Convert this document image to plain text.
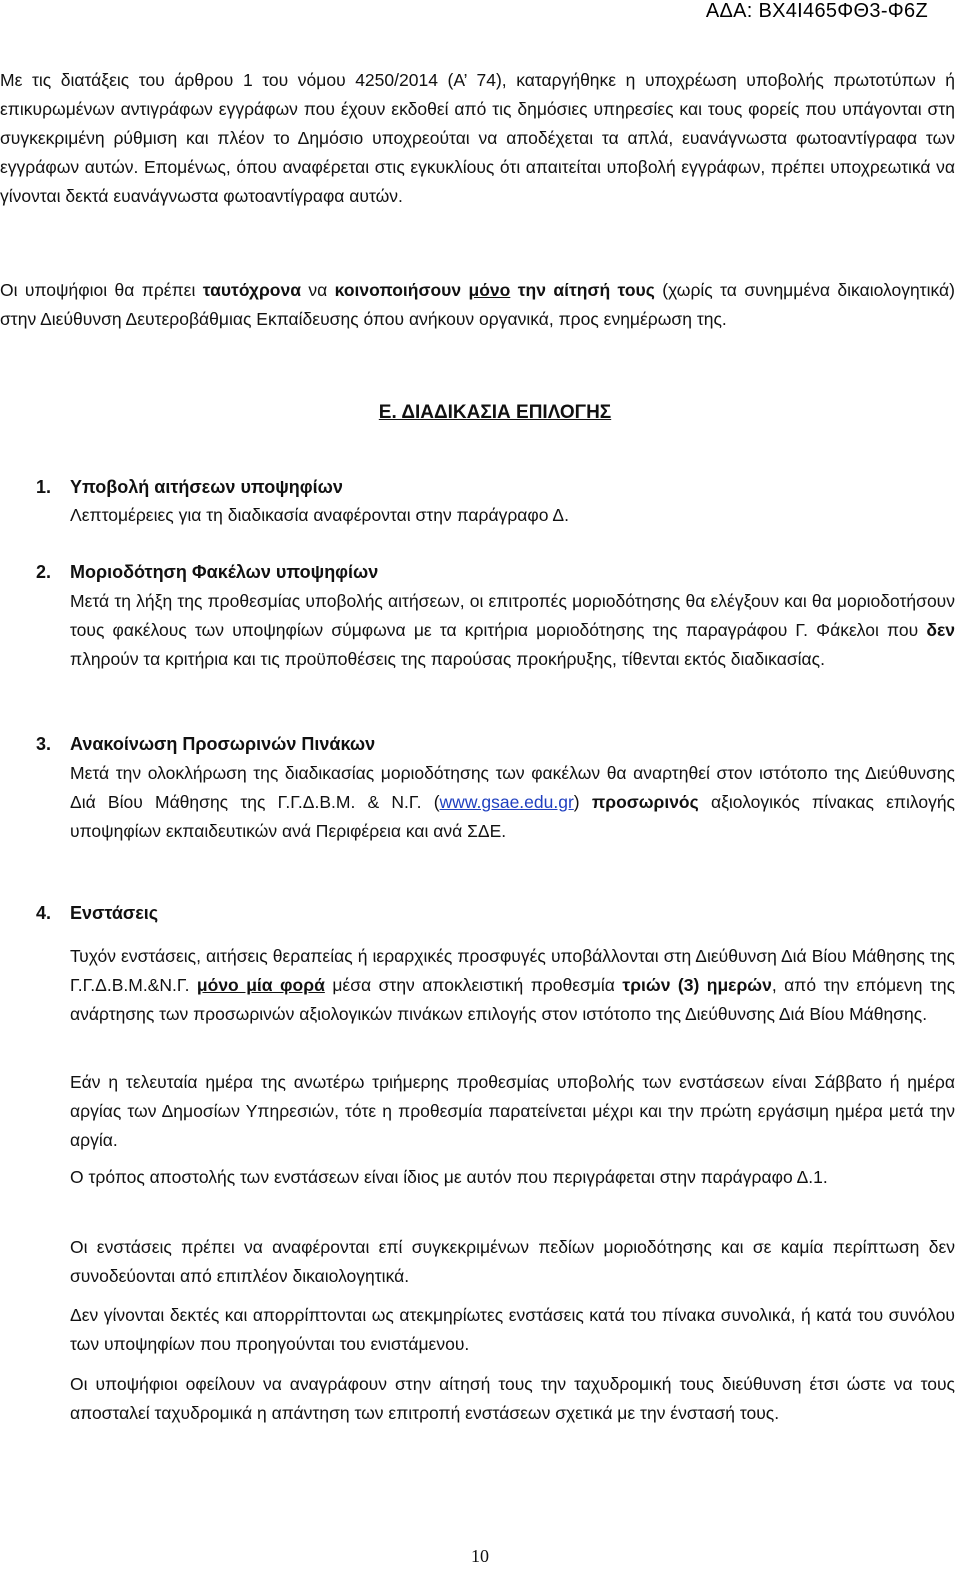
ΑΔΑ: ΒΧ4Ι465ΦΘ3-Φ6Ζ

Με τις διατάξεις του άρθρου 1 του νόμου 4250/2014 (Α’ 74), καταργήθηκε η υποχρέωση υποβολής πρωτοτύπων ή επικυρωμένων αντιγράφων εγγράφων που έχουν εκδοθεί από τις δημόσιες υπηρεσίες και τους φορείς που υπάγονται στη συγκεκριμένη ρύθμιση και πλέον το Δημόσιο υποχρεούται να αποδέχεται τα απλά, ευανάγνωστα φωτοαντίγραφα των εγγράφων αυτών. Επομένως, όπου αναφέρεται στις εγκυκλίους ότι απαιτείται υποβολή εγγράφων, πρέπει υποχρεωτικά να γίνονται δεκτά ευανάγνωστα φωτοαντίγραφα αυτών.

Οι υποψήφιοι θα πρέπει ταυτόχρονα να κοινοποιήσουν μόνο την αίτησή τους (χωρίς τα συνημμένα δικαιολογητικά) στην Διεύθυνση Δευτεροβάθμιας Εκπαίδευσης όπου ανήκουν οργανικά, προς ενημέρωση της.

Ε. ΔΙΑΔΙΚΑΣΙΑ ΕΠΙΛΟΓΗΣ
1. Υποβολή αιτήσεων υποψηφίων
Λεπτομέρειες για τη διαδικασία αναφέρονται στην παράγραφο Δ.
2. Μοριοδότηση Φακέλων υποψηφίων

Μετά τη λήξη της προθεσμίας υποβολής αιτήσεων, οι επιτροπές μοριοδότησης θα ελέγξουν και θα μοριοδοτήσουν τους φακέλους των υποψηφίων σύμφωνα με τα κριτήρια μοριοδότησης της παραγράφου Γ. Φάκελοι που δεν πληρούν τα κριτήρια και τις προϋποθέσεις της παρούσας προκήρυξης, τίθενται εκτός διαδικασίας.

3. Ανακοίνωση Προσωρινών Πινάκων

Μετά την ολοκλήρωση της διαδικασίας μοριοδότησης των φακέλων θα αναρτηθεί στον ιστότοπο της Διεύθυνσης Διά Βίου Μάθησης της Γ.Γ.Δ.Β.Μ. & Ν.Γ. (www.gsae.edu.gr) προσωρινός αξιολογικός πίνακας επιλογής υποψηφίων εκπαιδευτικών ανά Περιφέρεια και ανά ΣΔΕ.

4. Ενστάσεις

Τυχόν ενστάσεις, αιτήσεις θεραπείας ή ιεραρχικές προσφυγές υποβάλλονται στη Διεύθυνση Διά Βίου Μάθησης της Γ.Γ.Δ.Β.Μ.&Ν.Γ. μόνο μία φορά μέσα στην αποκλειστική προθεσμία τριών (3) ημερών, από την επόμενη της ανάρτησης των προσωρινών αξιολογικών πινάκων επιλογής στον ιστότοπο της Διεύθυνσης Διά Βίου Μάθησης.

Εάν η τελευταία ημέρα της ανωτέρω τριήμερης προθεσμίας υποβολής των ενστάσεων είναι Σάββατο ή ημέρα αργίας των Δημοσίων Υπηρεσιών, τότε η προθεσμία παρατείνεται μέχρι και την πρώτη εργάσιμη ημέρα μετά την αργία.

Ο τρόπος αποστολής των ενστάσεων είναι ίδιος με αυτόν που περιγράφεται στην παράγραφο Δ.1.

Οι ενστάσεις πρέπει να αναφέρονται επί συγκεκριμένων πεδίων μοριοδότησης και σε καμία περίπτωση δεν συνοδεύονται από επιπλέον δικαιολογητικά.

Δεν γίνονται δεκτές και απορρίπτονται ως ατεκμηρίωτες ενστάσεις κατά του πίνακα συνολικά, ή κατά του συνόλου των υποψηφίων που προηγούνται του ενιστάμενου.

Οι υποψήφιοι οφείλουν να αναγράφουν στην αίτησή τους την ταχυδρομική τους διεύθυνση έτσι ώστε να τους αποσταλεί ταχυδρομικά η απάντηση των επιτροπή ενστάσεων σχετικά με την ένστασή τους.

10
